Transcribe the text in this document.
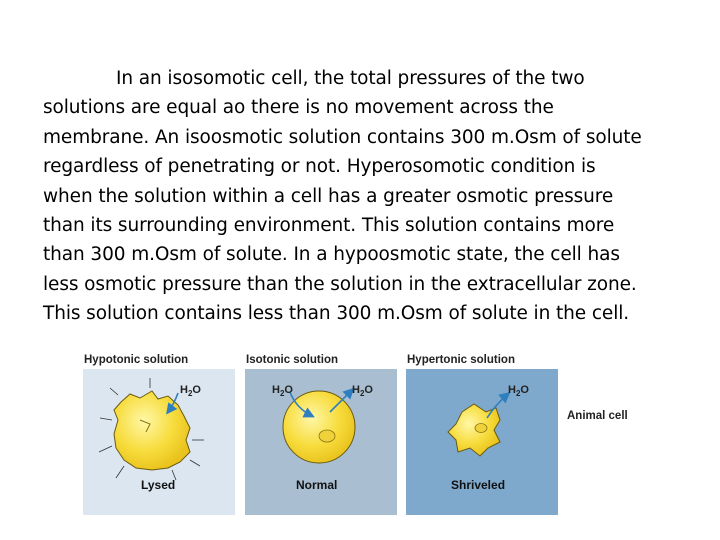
In an isosomotic cell, the total pressures of the two

solutions are equal ao there is no movement across the

membrane. An isoosmotic solution contains 300 m.Osm of solute

regardless of penetrating or not. Hyperosomotic condition is

when the solution within a cell has a greater osmotic pressure

than its surrounding environment. This solution contains more

than 300 m.Osm of solute. In a hypoosmotic state, the cell has

less osmotic pressure than the solution in the extracellular zone.

This solution contains less than 300 m.Osm of solute in the cell.

Hypotonic solution	Isotonic solution	Hypertonic solution
$H_2O$	$H_2O$	$H_2O$	$H_2O$
Lysed	Normal	Shriveled
Animal cell
